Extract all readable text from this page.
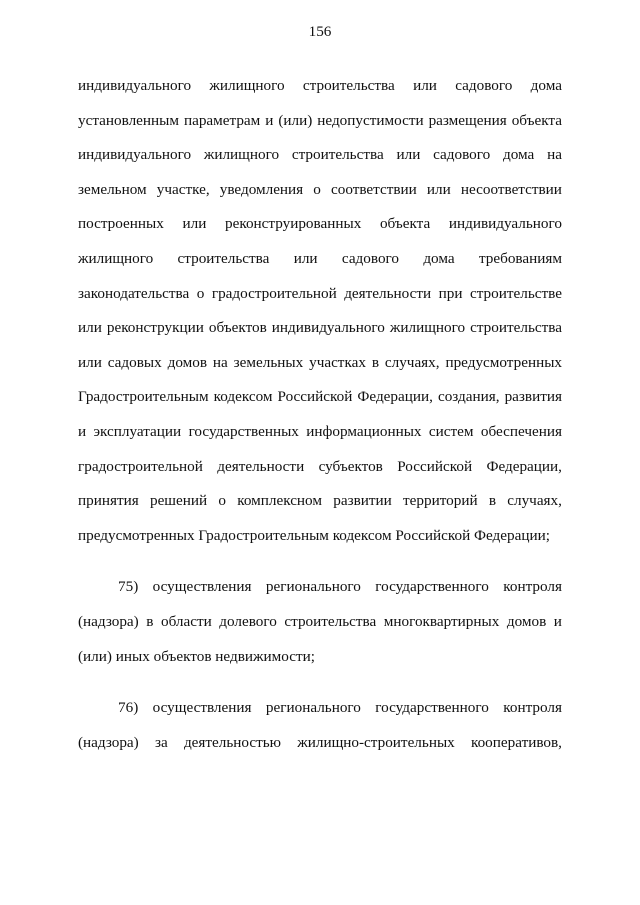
156
индивидуального жилищного строительства или садового дома
установленным параметрам и (или) недопустимости размещения объекта
индивидуального жилищного строительства или садового дома на
земельном участке, уведомления о соответствии или несоответствии
построенных или реконструированных объекта индивидуального
жилищного строительства или садового дома требованиям
законодательства о градостроительной деятельности при строительстве
или реконструкции объектов индивидуального жилищного строительства
или садовых домов на земельных участках в случаях, предусмотренных
Градостроительным кодексом Российской Федерации, создания, развития
и эксплуатации государственных информационных систем обеспечения
градостроительной деятельности субъектов Российской Федерации,
принятия решений о комплексном развитии территорий в случаях,
предусмотренных Градостроительным кодексом Российской Федерации;
75) осуществления регионального государственного контроля
(надзора) в области долевого строительства многоквартирных домов и
(или) иных объектов недвижимости;
76) осуществления регионального государственного контроля
(надзора) за деятельностью жилищно-строительных кооперативов,
